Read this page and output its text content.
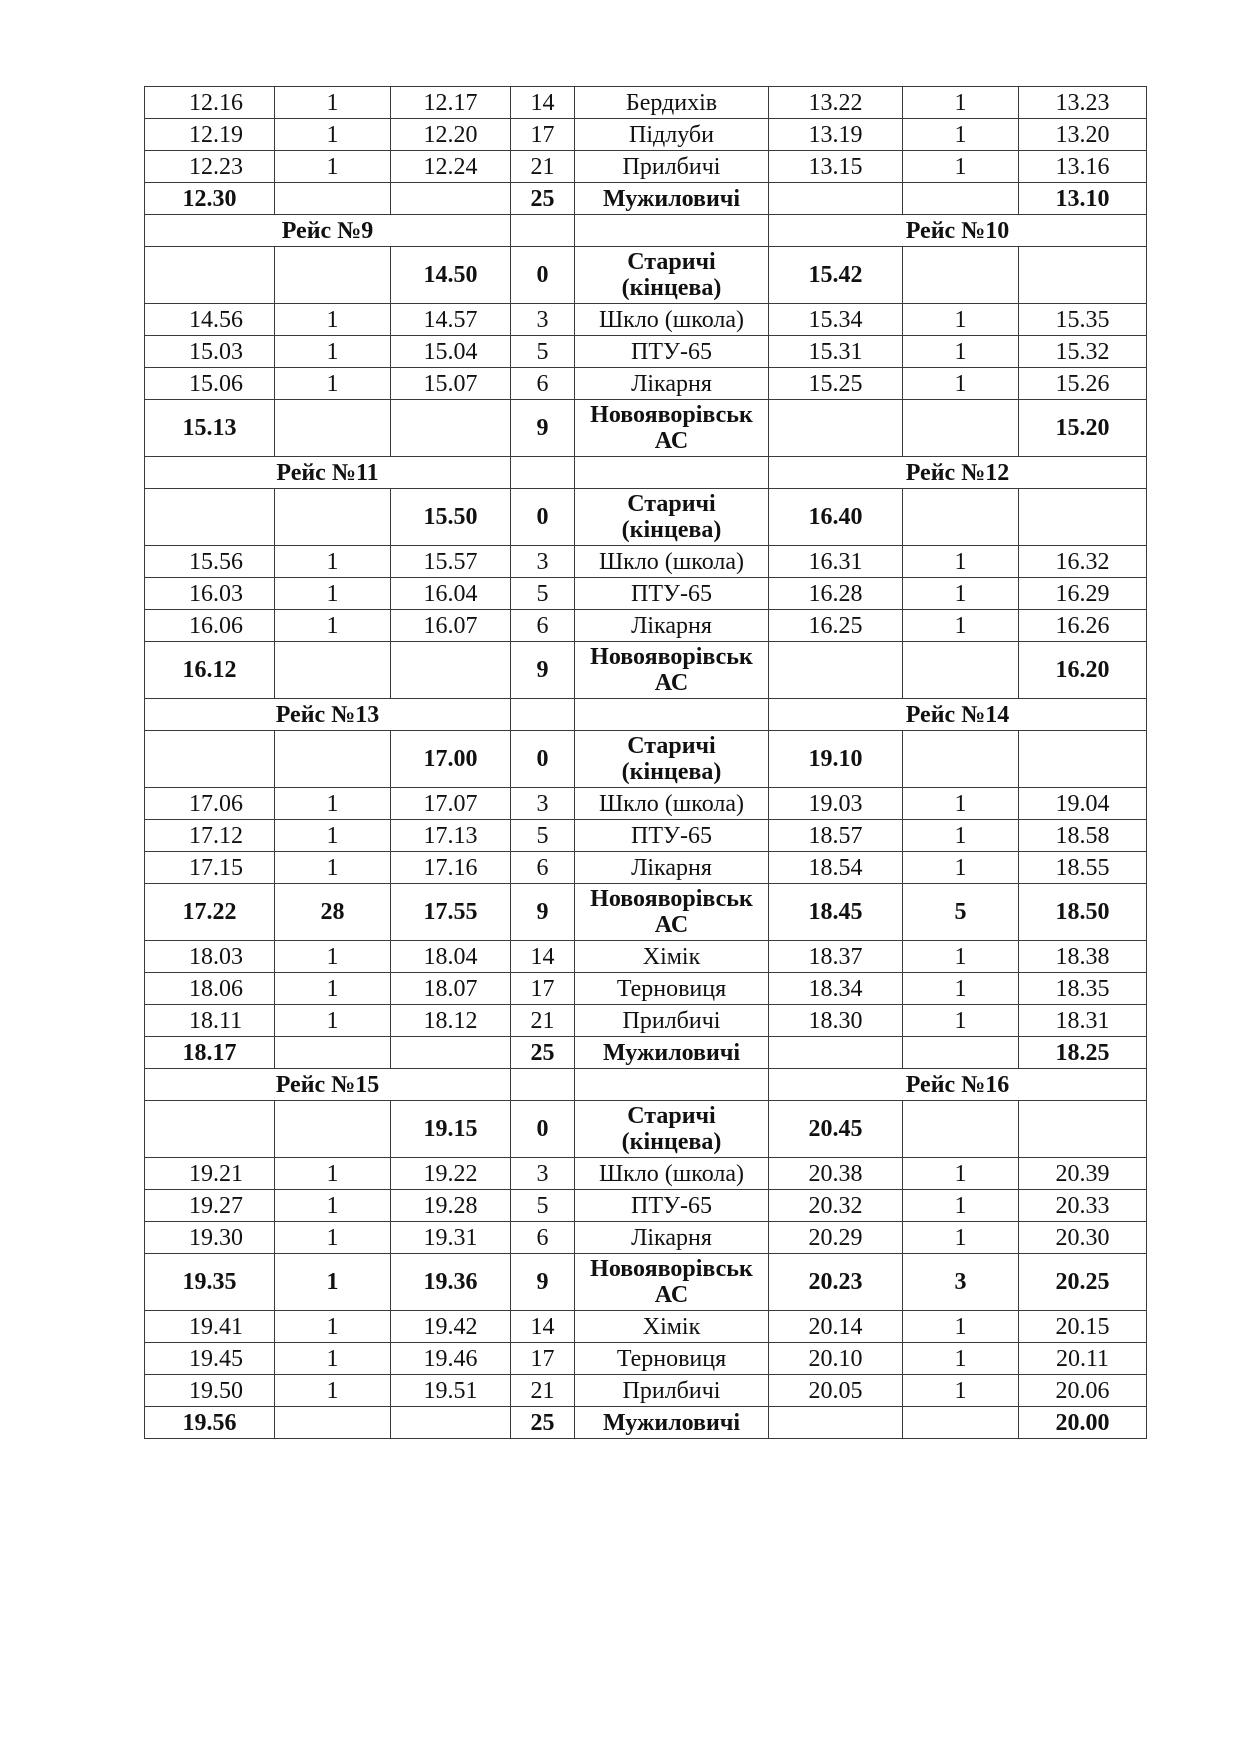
12.16	1	12.17	14	Бердихів	13.22	1	13.23
12.19	1	12.20	17	Підлуби	13.19	1	13.20
12.23	1	12.24	21	Прилбичі	13.15	1	13.16
12.30			25	Мужиловичі			13.10
Рейс №9					Рейс №10		
		14.50	0	Старичі (кінцева)	15.42		
14.56	1	14.57	3	Шкло (школа)	15.34	1	15.35
15.03	1	15.04	5	ПТУ-65	15.31	1	15.32
15.06	1	15.07	6	Лікарня	15.25	1	15.26
15.13			9	Новояворівськ АС			15.20
Рейс №11					Рейс №12		
		15.50	0	Старичі (кінцева)	16.40		
15.56	1	15.57	3	Шкло (школа)	16.31	1	16.32
16.03	1	16.04	5	ПТУ-65	16.28	1	16.29
16.06	1	16.07	6	Лікарня	16.25	1	16.26
16.12			9	Новояворівськ АС			16.20
Рейс №13					Рейс №14		
		17.00	0	Старичі (кінцева)	19.10		
17.06	1	17.07	3	Шкло (школа)	19.03	1	19.04
17.12	1	17.13	5	ПТУ-65	18.57	1	18.58
17.15	1	17.16	6	Лікарня	18.54	1	18.55
17.22	28	17.55	9	Новояворівськ АС	18.45	5	18.50
18.03	1	18.04	14	Хімік	18.37	1	18.38
18.06	1	18.07	17	Терновиця	18.34	1	18.35
18.11	1	18.12	21	Прилбичі	18.30	1	18.31
18.17			25	Мужиловичі			18.25
Рейс №15					Рейс №16		
		19.15	0	Старичі (кінцева)	20.45		
19.21	1	19.22	3	Шкло (школа)	20.38	1	20.39
19.27	1	19.28	5	ПТУ-65	20.32	1	20.33
19.30	1	19.31	6	Лікарня	20.29	1	20.30
19.35	1	19.36	9	Новояворівськ АС	20.23	3	20.25
19.41	1	19.42	14	Хімік	20.14	1	20.15
19.45	1	19.46	17	Терновиця	20.10	1	20.11
19.50	1	19.51	21	Прилбичі	20.05	1	20.06
19.56			25	Мужиловичі			20.00
